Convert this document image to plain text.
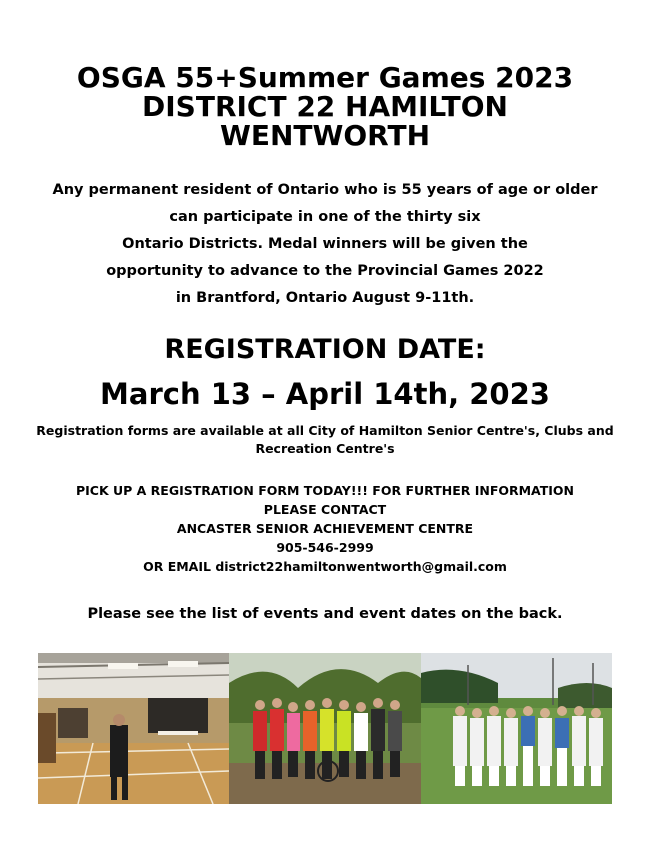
OSGA 55+Summer Games 2023
DISTRICT 22 HAMILTON
WENTWORTH
Any permanent resident of Ontario who is 55 years of age or older
can participate in one of the thirty six
Ontario Districts. Medal winners will be given the
opportunity to advance to the Provincial Games 2022
in Brantford, Ontario August 9-11th.
REGISTRATION DATE:
March 13 – April 14th, 2023
Registration forms are available at all City of Hamilton Senior Centre's, Clubs and Recreation Centre's
PICK UP A REGISTRATION FORM TODAY!!! FOR FURTHER INFORMATION
PLEASE CONTACT
ANCASTER SENIOR ACHIEVEMENT CENTRE
905-546-2999
OR EMAIL district22hamiltonwentworth@gmail.com
Please see the list of events and event dates on the back.
